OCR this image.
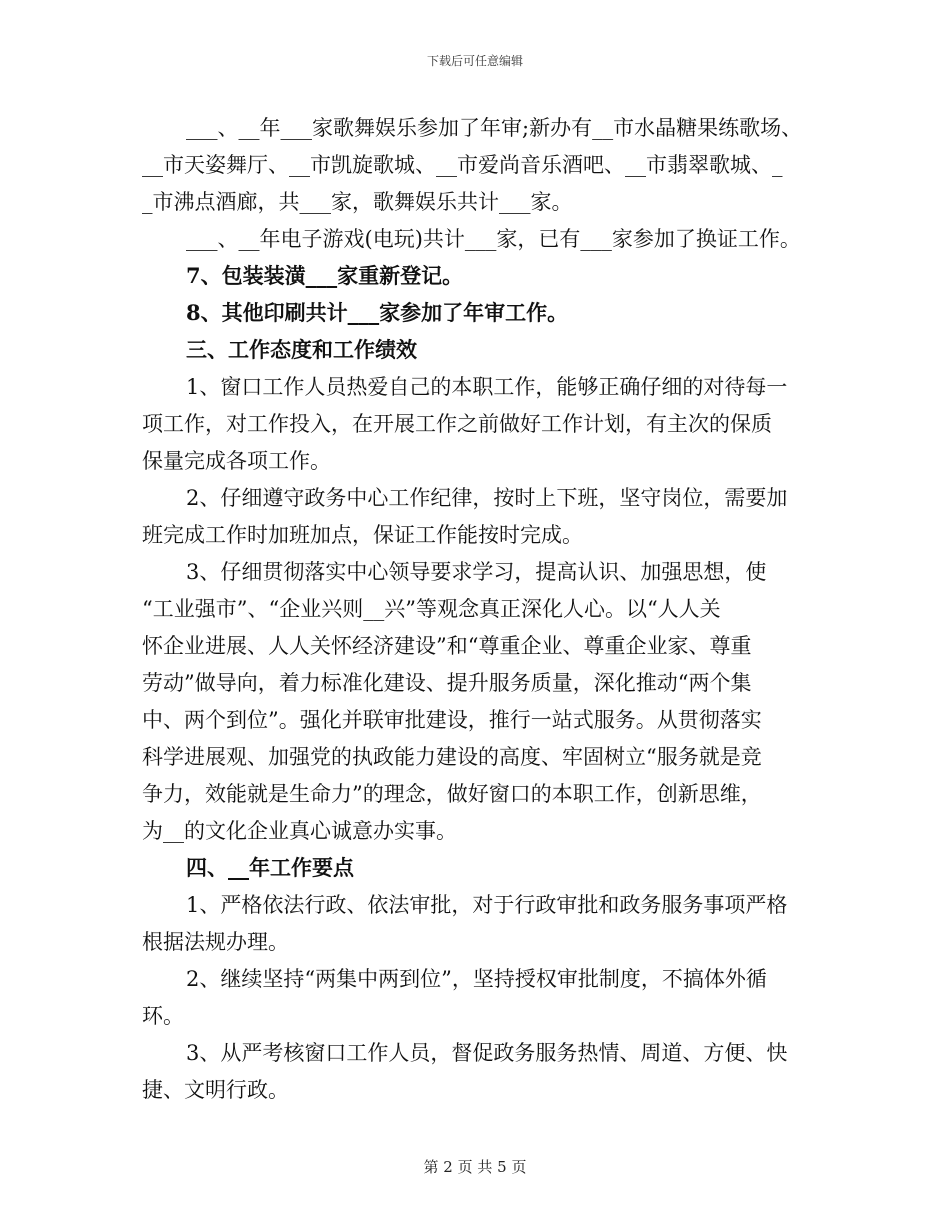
下载后可任意编辑
___、__年___家歌舞娱乐参加了年审;新办有__市水晶糖果练歌场、
__市天姿舞厅、__市凯旋歌城、__市爱尚音乐酒吧、__市翡翠歌城、_
_市沸点酒廊，共___家，歌舞娱乐共计___家。
___、__年电子游戏(电玩)共计___家，已有___家参加了换证工作。
7、包装装潢___家重新登记。
8、其他印刷共计___家参加了年审工作。
三、工作态度和工作绩效
1、窗口工作人员热爱自己的本职工作，能够正确仔细的对待每一
项工作，对工作投入，在开展工作之前做好工作计划，有主次的保质
保量完成各项工作。
2、仔细遵守政务中心工作纪律，按时上下班，坚守岗位，需要加
班完成工作时加班加点，保证工作能按时完成。
3、仔细贯彻落实中心领导要求学习，提高认识、加强思想，使
“工业强市”、“企业兴则__兴”等观念真正深化人心。以“人人关
怀企业进展、人人关怀经济建设”和“尊重企业、尊重企业家、尊重
劳动”做导向，着力标准化建设、提升服务质量，深化推动“两个集
中、两个到位”。强化并联审批建设，推行一站式服务。从贯彻落实
科学进展观、加强党的执政能力建设的高度、牢固树立“服务就是竞
争力，效能就是生命力”的理念，做好窗口的本职工作，创新思维，
为__的文化企业真心诚意办实事。
四、__年工作要点
1、严格依法行政、依法审批，对于行政审批和政务服务事项严格
根据法规办理。
2、继续坚持“两集中两到位”，坚持授权审批制度，不搞体外循
环。
3、从严考核窗口工作人员，督促政务服务热情、周道、方便、快
捷、文明行政。
第 2 页 共 5 页
